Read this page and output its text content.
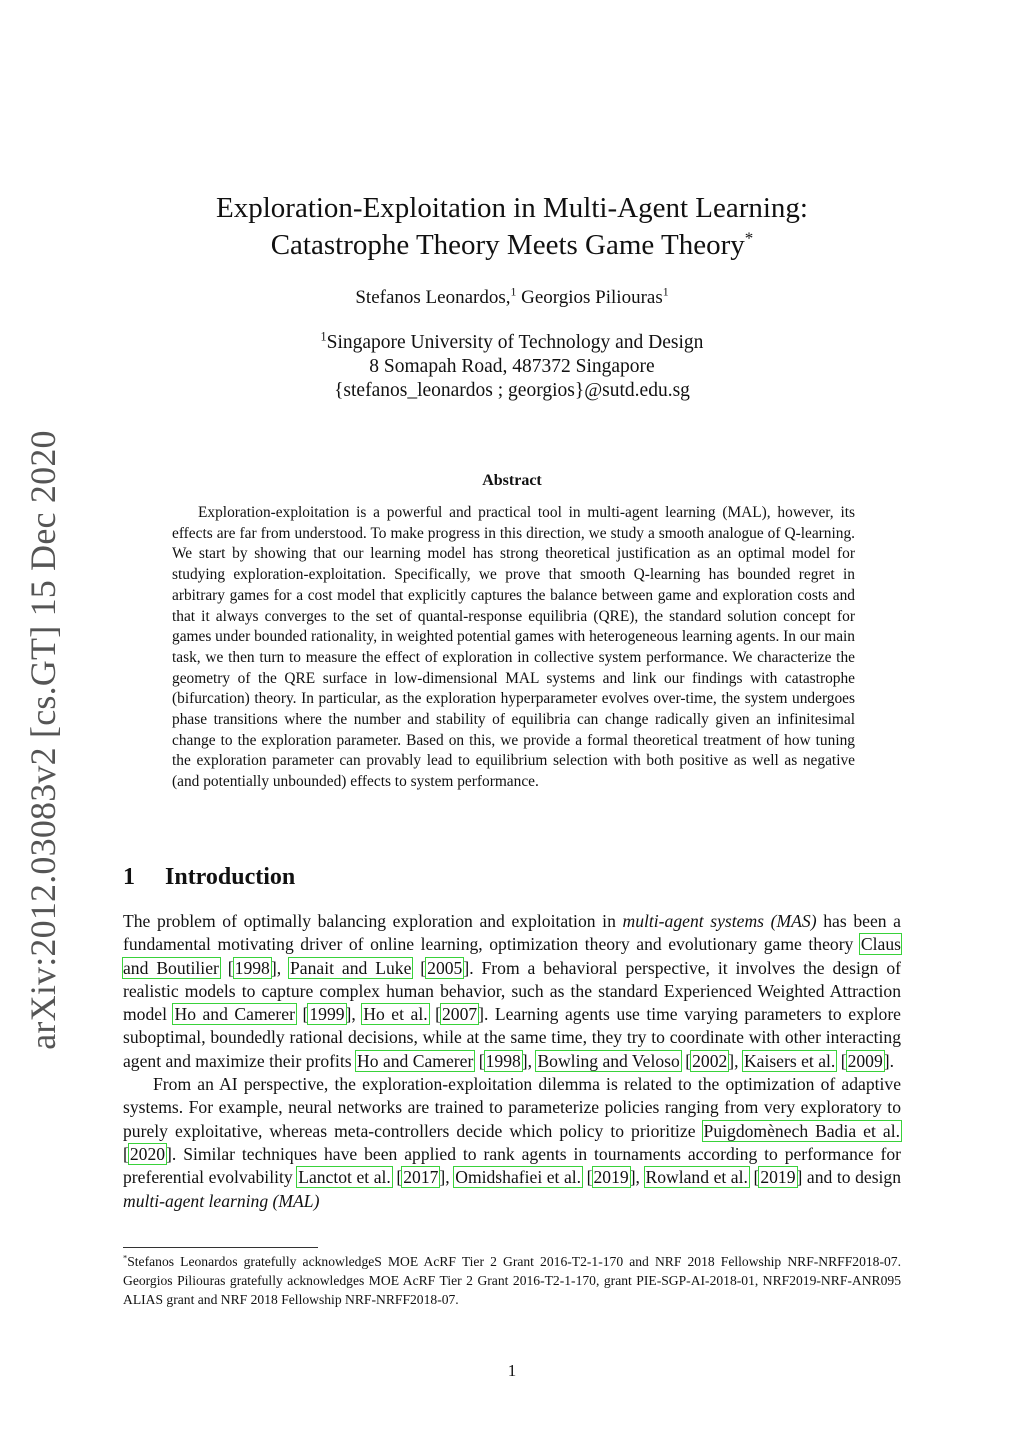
arXiv:2012.03083v2 [cs.GT] 15 Dec 2020
Exploration-Exploitation in Multi-Agent Learning:
Catastrophe Theory Meets Game Theory*
Stefanos Leonardos,$^1$ Georgios Piliouras$^1$
$^1$Singapore University of Technology and Design
8 Somapah Road, 487372 Singapore
{stefanos_leonardos ; georgios}@sutd.edu.sg
Abstract
Exploration-exploitation is a powerful and practical tool in multi-agent learning (MAL), however, its effects are far from understood. To make progress in this direction, we study a smooth analogue of Q-learning. We start by showing that our learning model has strong theoretical justification as an optimal model for studying exploration-exploitation. Specifically, we prove that smooth Q-learning has bounded regret in arbitrary games for a cost model that explicitly captures the balance between game and exploration costs and that it always converges to the set of quantal-response equilibria (QRE), the standard solution concept for games under bounded rationality, in weighted potential games with heterogeneous learning agents. In our main task, we then turn to measure the effect of exploration in collective system performance. We characterize the geometry of the QRE surface in low-dimensional MAL systems and link our findings with catastrophe (bifurcation) theory. In particular, as the exploration hyperparameter evolves over-time, the system undergoes phase transitions where the number and stability of equilibria can change radically given an infinitesimal change to the exploration parameter. Based on this, we provide a formal theoretical treatment of how tuning the exploration parameter can provably lead to equilibrium selection with both positive as well as negative (and potentially unbounded) effects to system performance.
1 Introduction

The problem of optimally balancing exploration and exploitation in multi-agent systems (MAS) has been a fundamental motivating driver of online learning, optimization theory and evolutionary game theory Claus and Boutilier [1998], Panait and Luke [2005]. From a behavioral perspective, it involves the design of realistic models to capture complex human behavior, such as the standard Experienced Weighted Attraction model Ho and Camerer [1999], Ho et al. [2007]. Learning agents use time varying parameters to explore suboptimal, boundedly rational decisions, while at the same time, they try to coordinate with other interacting agent and maximize their profits Ho and Camerer [1998], Bowling and Veloso [2002], Kaisers et al. [2009].

From an AI perspective, the exploration-exploitation dilemma is related to the optimization of adaptive systems. For example, neural networks are trained to parameterize policies ranging from very exploratory to purely exploitative, whereas meta-controllers decide which policy to prioritize Puigdomènech Badia et al. [2020]. Similar techniques have been applied to rank agents in tournaments according to performance for preferential evolvability Lanctot et al. [2017], Omidshafiei et al. [2019], Rowland et al. [2019] and to design multi-agent learning (MAL)

*Stefanos Leonardos gratefully acknowledgeS MOE AcRF Tier 2 Grant 2016-T2-1-170 and NRF 2018 Fellowship NRF-NRFF2018-07. Georgios Piliouras gratefully acknowledges MOE AcRF Tier 2 Grant 2016-T2-1-170, grant PIE-SGP-AI-2018-01, NRF2019-NRF-ANR095 ALIAS grant and NRF 2018 Fellowship NRF-NRFF2018-07.
1
